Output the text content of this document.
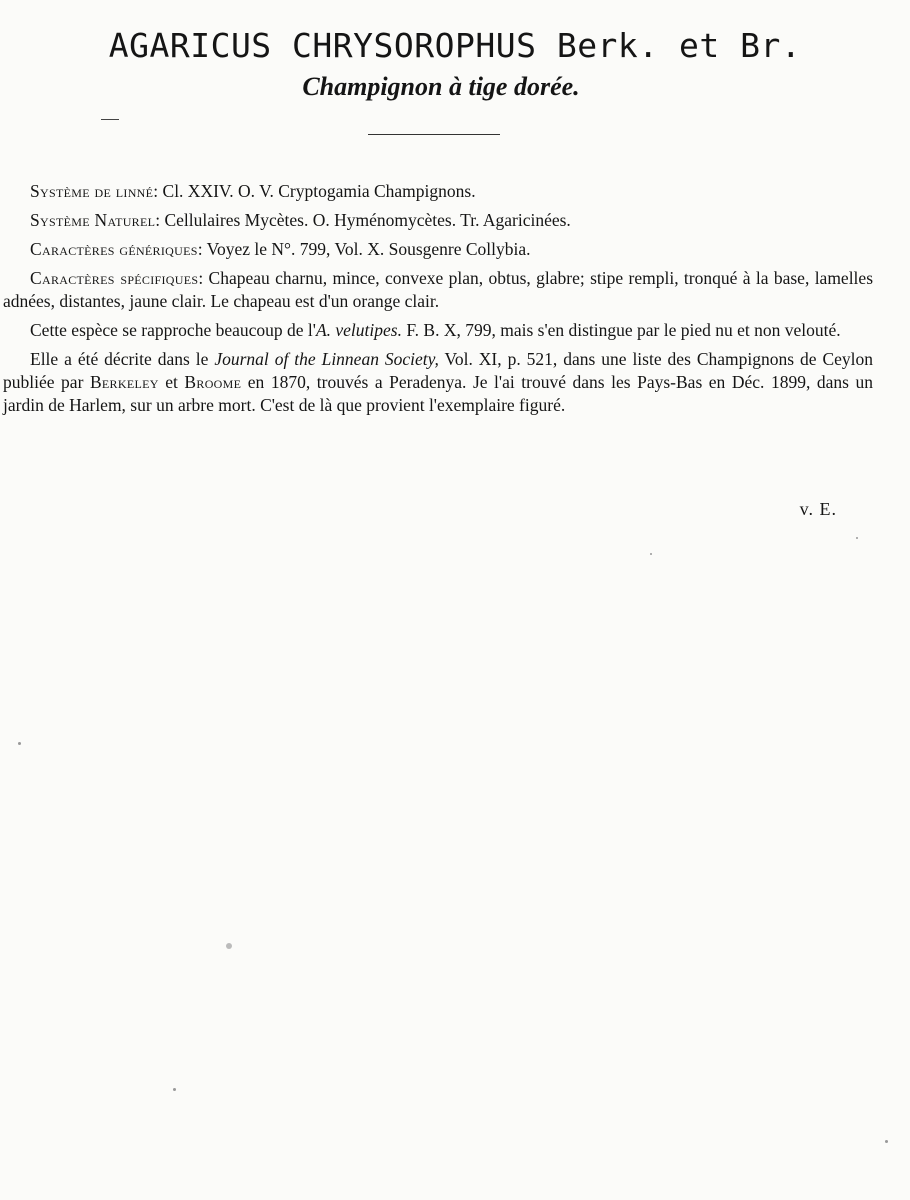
AGARICUS CHRYSOROPHUS Berk. et Br.
Champignon à tige dorée.

Système de linné: Cl. XXIV. O. V. Cryptogamia Champignons.

Système Naturel: Cellulaires Mycètes. O. Hyménomycètes. Tr. Agaricinées.

Caractères génériques: Voyez le N°. 799, Vol. X. Sousgenre Collybia.

Caractères spécifiques: Chapeau charnu, mince, convexe plan, obtus, glabre; stipe rempli, tronqué à la base, lamelles adnées, distantes, jaune clair. Le chapeau est d'un orange clair.

Cette espèce se rapproche beaucoup de l'A. velutipes. F. B. X, 799, mais s'en distingue par le pied nu et non velouté.

Elle a été décrite dans le Journal of the Linnean Society, Vol. XI, p. 521, dans une liste des Champignons de Ceylon publiée par Berkeley et Broome en 1870, trouvés a Peradenya. Je l'ai trouvé dans les Pays-Bas en Déc. 1899, dans un jardin de Harlem, sur un arbre mort. C'est de là que provient l'exemplaire figuré.

v. E.
